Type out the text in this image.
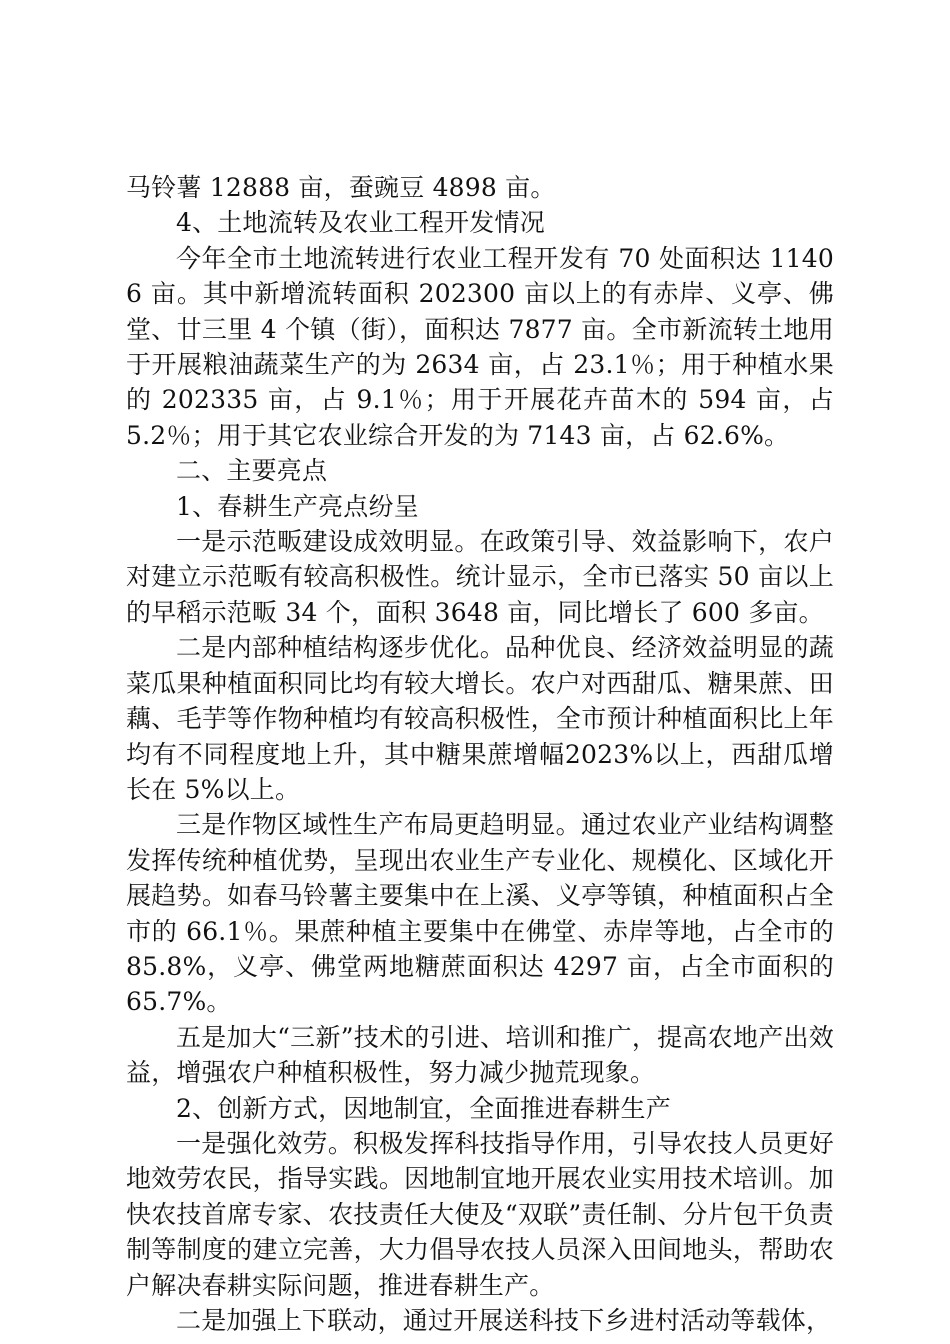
马铃薯 12888 亩，蚕豌豆 4898 亩。

4、土地流转及农业工程开发情况

今年全市土地流转进行农业工程开发有 70 处面积达 11406 亩。其中新增流转面积 202300 亩以上的有赤岸、义亭、佛堂、廿三里 4 个镇（街），面积达 7877 亩。全市新流转土地用于开展粮油蔬菜生产的为 2634 亩，占 23.1％；用于种植水果的 202335 亩，占 9.1％；用于开展花卉苗木的 594 亩，占 5.2％；用于其它农业综合开发的为 7143 亩，占 62.6%。

二、主要亮点

1、春耕生产亮点纷呈

一是示范畈建设成效明显。在政策引导、效益影响下，农户对建立示范畈有较高积极性。统计显示，全市已落实 50 亩以上的早稻示范畈 34 个，面积 3648 亩，同比增长了 600 多亩。

二是内部种植结构逐步优化。品种优良、经济效益明显的蔬菜瓜果种植面积同比均有较大增长。农户对西甜瓜、糖果蔗、田藕、毛芋等作物种植均有较高积极性，全市预计种植面积比上年均有不同程度地上升，其中糖果蔗增幅2023%以上，西甜瓜增长在 5%以上。

三是作物区域性生产布局更趋明显。通过农业产业结构调整发挥传统种植优势，呈现出农业生产专业化、规模化、区域化开展趋势。如春马铃薯主要集中在上溪、义亭等镇，种植面积占全市的 66.1％。果蔗种植主要集中在佛堂、赤岸等地，占全市的 85.8%，义亭、佛堂两地糖蔗面积达 4297 亩，占全市面积的 65.7%。

五是加大“三新”技术的引进、培训和推广，提高农地产出效益，增强农户种植积极性，努力减少抛荒现象。

2、创新方式，因地制宜，全面推进春耕生产

一是强化效劳。积极发挥科技指导作用，引导农技人员更好地效劳农民，指导实践。因地制宜地开展农业实用技术培训。加快农技首席专家、农技责任大使及“双联”责任制、分片包干负责制等制度的建立完善，大力倡导农技人员深入田间地头，帮助农户解决春耕实际问题，推进春耕生产。

二是加强上下联动，通过开展送科技下乡进村活动等载体，
